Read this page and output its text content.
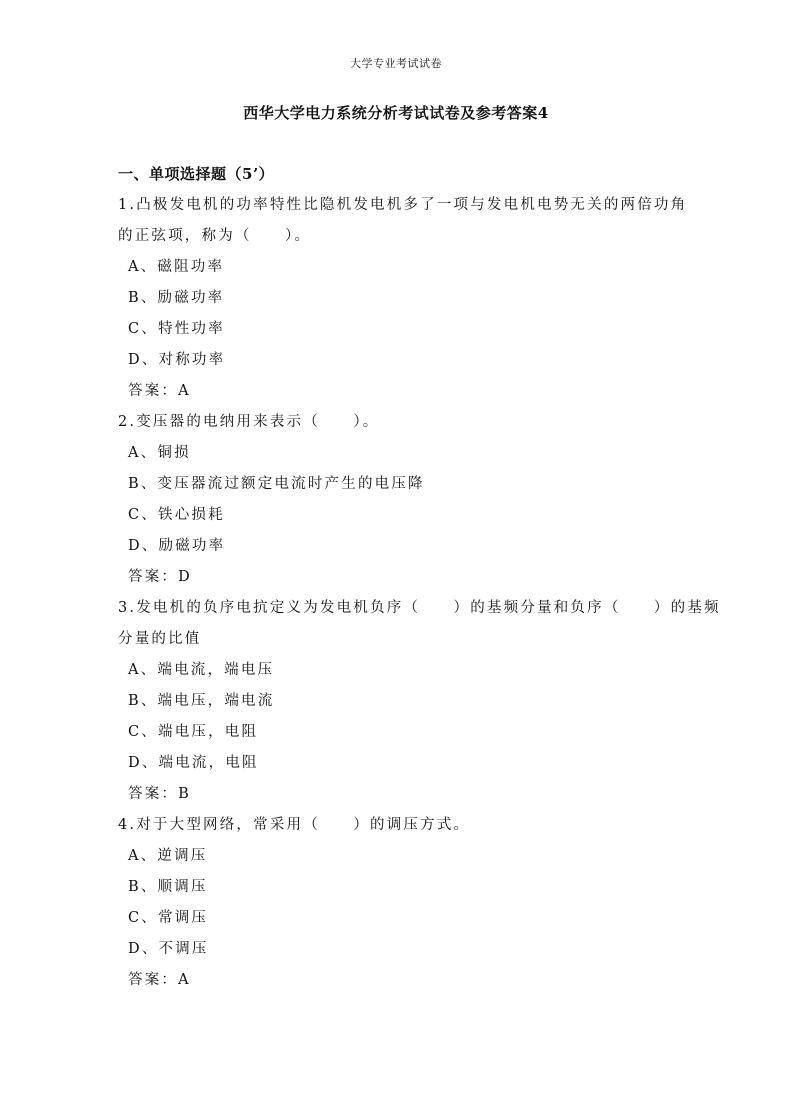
大学专业考试试卷
西华大学电力系统分析考试试卷及参考答案4
一、单项选择题（5’）
1.凸极发电机的功率特性比隐机发电机多了一项与发电机电势无关的两倍功角
的正弦项，称为（　　）。
A、磁阻功率
B、励磁功率
C、特性功率
D、对称功率
答案：A
2.变压器的电纳用来表示（　　）。
A、铜损
B、变压器流过额定电流时产生的电压降
C、铁心损耗
D、励磁功率
答案：D
3.发电机的负序电抗定义为发电机负序（　　）的基频分量和负序（　　）的基频
分量的比值
A、端电流，端电压
B、端电压，端电流
C、端电压，电阻
D、端电流，电阻
答案：B
4.对于大型网络，常采用（　　）的调压方式。
A、逆调压
B、顺调压
C、常调压
D、不调压
答案：A
